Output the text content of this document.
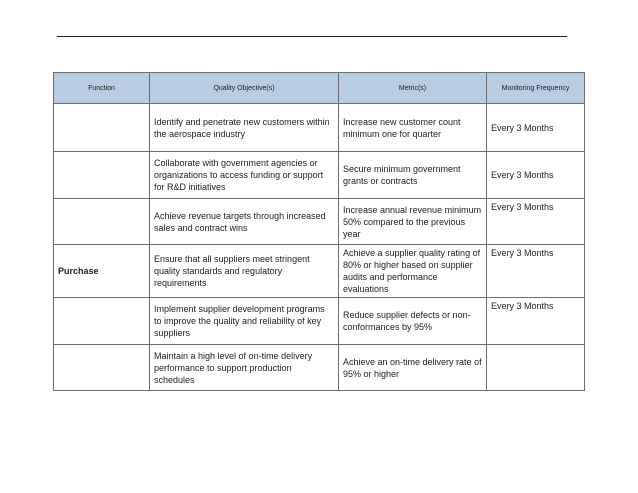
Function	Quality Objective(s)	Metric(s)	Monitoring Frequency
	Identify and penetrate new customers within the aerospace industry	Increase new customer count minimum one for quarter	Every 3 Months
	Collaborate with government agencies or organizations to access funding or support for R&D initiatives	Secure minimum government grants or contracts	Every 3 Months
	Achieve revenue targets through increased sales and contract wins	Increase annual revenue minimum 50% compared to the previous year	Every 3 Months
Purchase	Ensure that all suppliers meet stringent quality standards and regulatory requirements	Achieve a supplier quality rating of 80% or higher based on supplier audits and performance evaluations	Every 3 Months
	Implement supplier development programs to improve the quality and reliability of key suppliers	Reduce supplier defects or non-conformances by 95%	Every 3 Months
	Maintain a high level of on-time delivery performance to support production schedules	Achieve an on-time delivery rate of 95% or higher	
